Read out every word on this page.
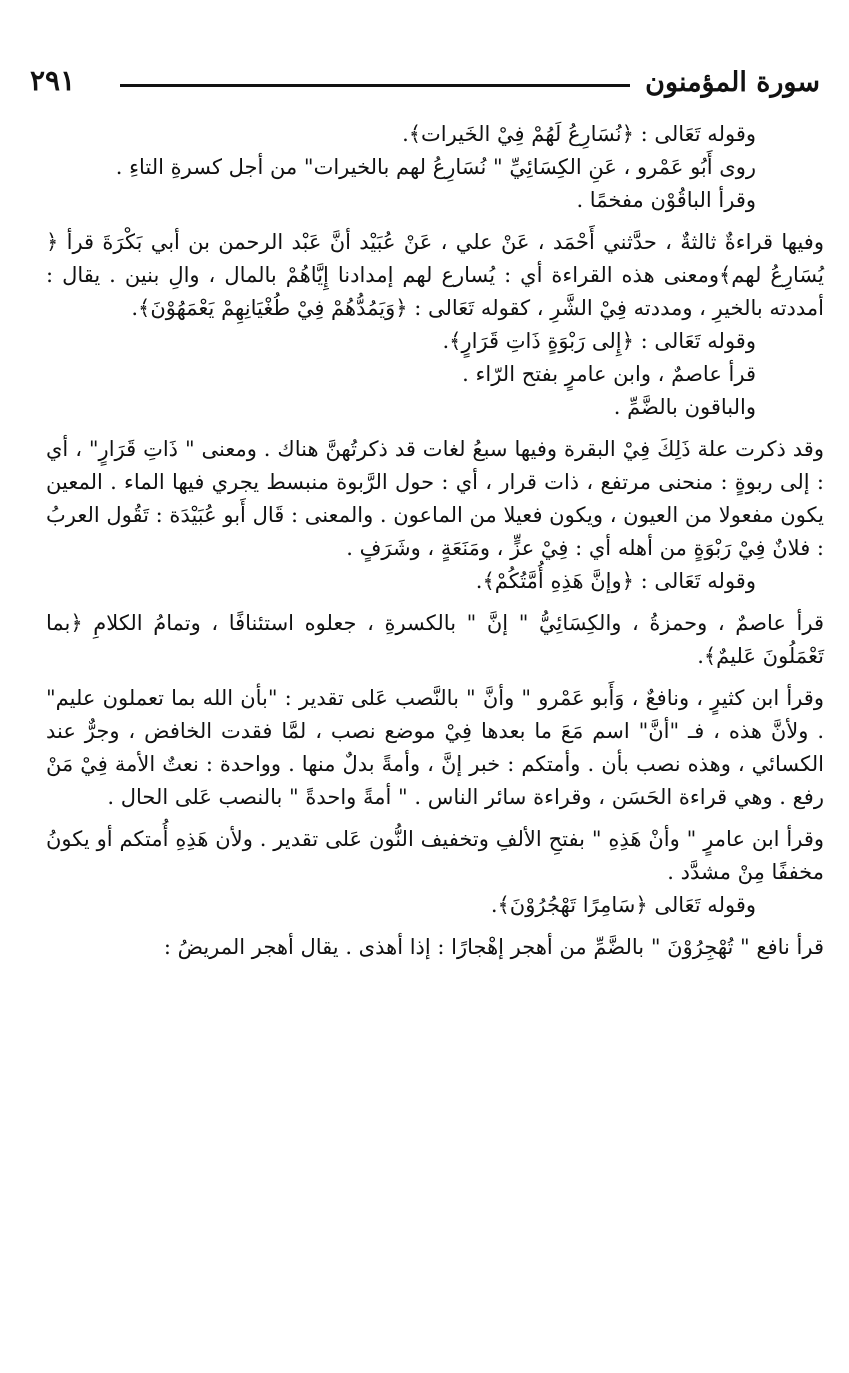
سورة المؤمنون
٢٩١

وقوله تَعَالى : ﴿نُسَارِعُ لَهُمْ فِيْ الخَيرات﴾.

روى أَبُو عَمْرو ، عَنِ الكِسَائِيِّ " نُسَارِعُ لهم بالخيرات" من أجل كسرةِ التاءِ .

وقرأ الباقُوْن مفخمًا .

وفيها قراءةٌ ثالثةٌ ، حدَّثني أَحْمَد ، عَنْ علي ، عَنْ عُبَيْد أنَّ عَبْد الرحمن بن أبي بَكْرَةَ قرأ ﴿ يُسَارِعُ لهم﴾ومعنى هذه القراءة أي : يُسارع لهم إمدادنا إِيَّاهُمْ بالمال ، والِ بنين . يقال : أمددته بالخيرِ ، ومددته فِيْ الشَّرِ ، كقوله تَعَالى : ﴿وَيَمُدُّهُمْ فِيْ طُغْيَانِهِمْ يَعْمَهُوْنَ﴾.

وقوله تَعَالى : ﴿إِلى رَبْوَةٍ ذَاتِ قَرَارٍ﴾.

قرأ عاصمٌ ، وابن عامرٍ بفتح الرّاء .

والباقون بالضَّمِّ .

وقد ذكرت علة ذَلِكَ فِيْ البقرة وفيها سبعُ لغات قد ذكرتُهنَّ هناك . ومعنى " ذَاتِ قَرَارٍ" ، أي : إلى ربوةٍ : منحنى مرتفع ، ذات قرار ، أي : حول الرَّبوة منبسط يجري فيها الماء . المعين يكون مفعولا من العيون ، ويكون فعيلا من الماعون . والمعنى : قَال أَبو عُبَيْدَة : تَقُول العربُ : فلانٌ فِيْ رَبْوَةٍ من أهله أي : فِيْ عزٍّ ، ومَنَعَةٍ ، وشَرَفٍ .

وقوله تَعَالى : ﴿وإنَّ هَذِهِ أُمَّتُكُمْ﴾.

قرأ عاصمٌ ، وحمزةُ ، والكِسَائِيُّ " إنَّ " بالكسرةِ ، جعلوه استئنافًا ، وتمامُ الكلامِ ﴿بما تَعْمَلُونَ عَليمٌ﴾.

وقرأ ابن كثيرٍ ، ونافعٌ ، وَأَبو عَمْرو " وأنَّ " بالنَّصب عَلى تقدير : "بأن الله بما تعملون عليم" . ولأنَّ هذه ، فـ "أنَّ" اسم مَعَ ما بعدها فِيْ موضع نصب ، لمَّا فقدت الخافض ، وجرٌّ عند الكسائي ، وهذه نصب بأن . وأمتكم : خبر إنَّ ، وأمةً بدلٌ منها . وواحدة : نعتٌ الأمة فِيْ مَنْ رفع . وهي قراءة الحَسَن ، وقراءة سائر الناس . " أمةً واحدةً " بالنصب عَلى الحال .

وقرأ ابن عامرٍ " وأنْ هَذِهِ " بفتحِ الألفِ وتخفيف النُّون عَلى تقدير . ولأن هَذِهِ أُمتكم أو يكونُ مخففًا مِنْ مشدَّد .

وقوله تَعَالى ﴿سَامِرًا تَهْجُرُوْنَ﴾.

قرأ نافع " تُهْجِرُوْنَ " بالضَّمِّ من أهجر إهْجارًا : إذا أهذى . يقال أهجر المريضُ :
